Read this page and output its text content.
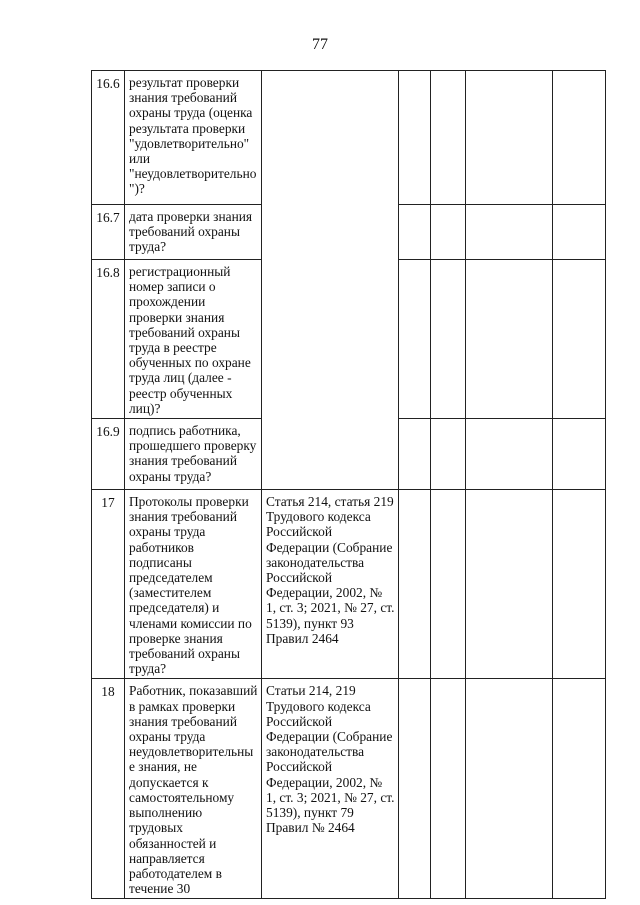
77
16.6	результат проверки знания требований охраны труда (оценка результата проверки "удовлетворительно" или "неудовлетворительно")?					
16.7	дата проверки знания требований охраны труда?					
16.8	регистрационный номер записи о прохождении проверки знания требований охраны труда в реестре обученных по охране труда лиц (далее - реестр обученных лиц)?					
16.9	подпись работника, прошедшего проверку знания требований охраны труда?					
17	Протоколы проверки знания требований охраны труда работников подписаны председателем (заместителем председателя) и членами комиссии по проверке знания требований охраны труда?	Статья 214, статья 219 Трудового кодекса Российской Федерации (Собрание законодательства Российской Федерации, 2002, № 1, ст. 3; 2021, № 27, ст. 5139), пункт 93 Правил 2464				
18	Работник, показавший в рамках проверки знания требований охраны труда неудовлетворительные знания, не допускается к самостоятельному выполнению трудовых обязанностей и направляется работодателем в течение 30	Статьи 214, 219 Трудового кодекса Российской Федерации (Собрание законодательства Российской Федерации, 2002, № 1, ст. 3; 2021, № 27, ст. 5139), пункт 79 Правил № 2464				
